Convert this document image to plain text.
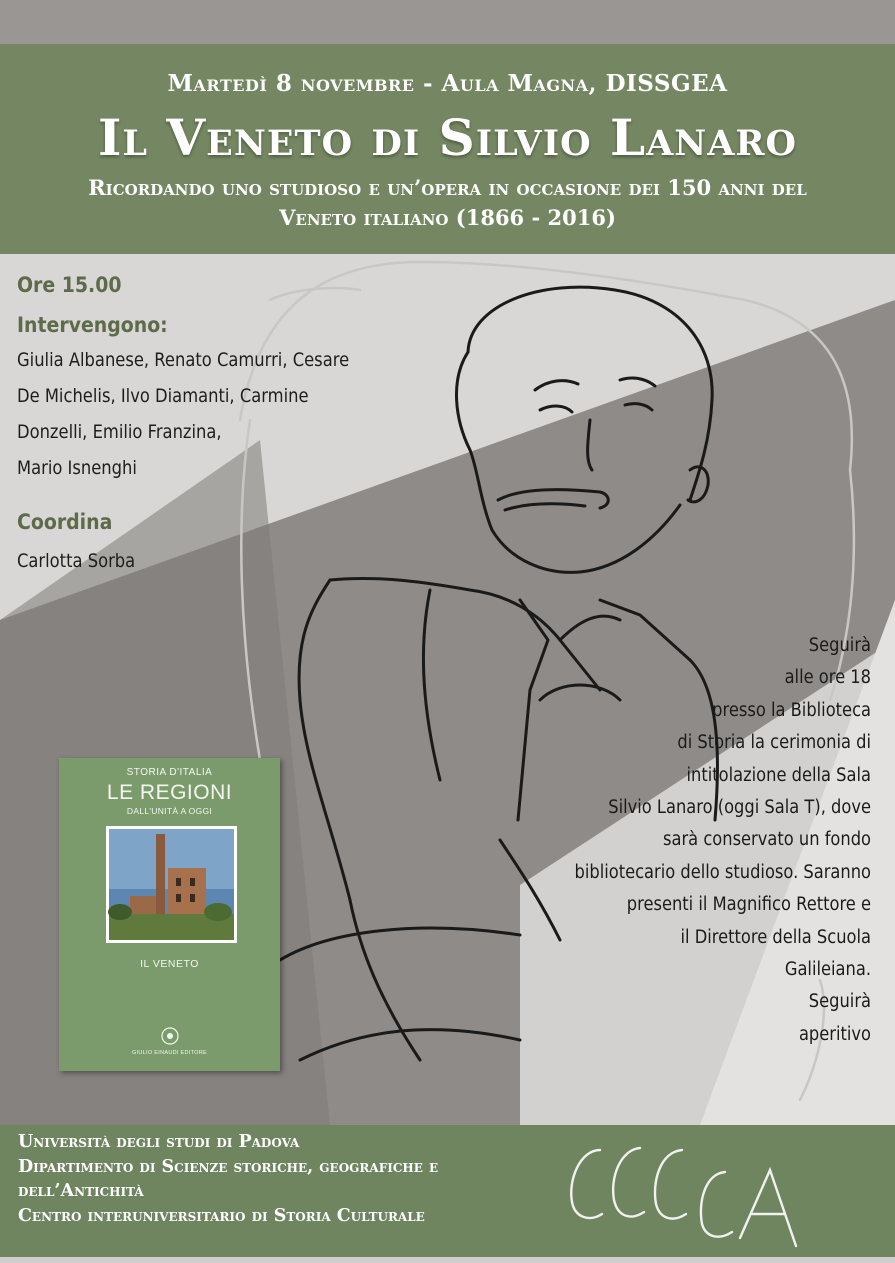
Martedì 8 novembre - Aula Magna, DISSGEA

Il Veneto di Silvio Lanaro
Ricordando uno studioso e un’opera in occasione dei 150 anni del
Veneto italiano (1866 - 2016)
Ore 15.00
Intervengono:
Giulia Albanese, Renato Camurri, Cesare
De Michelis, Ilvo Diamanti, Carmine
Donzelli, Emilio Franzina,
Mario Isnenghi
Coordina
Carlotta Sorba
Seguirà
alle ore 18
presso la Biblioteca
di Storia la cerimonia di
intitolazione della Sala
Silvio Lanaro (oggi Sala T), dove
sarà conservato un fondo
bibliotecario dello studioso. Saranno
presenti il Magnifico Rettore e
il Direttore della Scuola
Galileiana.
Seguirà
aperitivo
STORIA D'ITALIA
LE REGIONI
DALL'UNITÀ A OGGI
IL VENETO
GIULIO EINAUDI EDITORE
Università degli studi di Padova
Dipartimento di Scienze storiche, geografiche e
dell’Antichità
Centro interuniversitario di Storia Culturale
